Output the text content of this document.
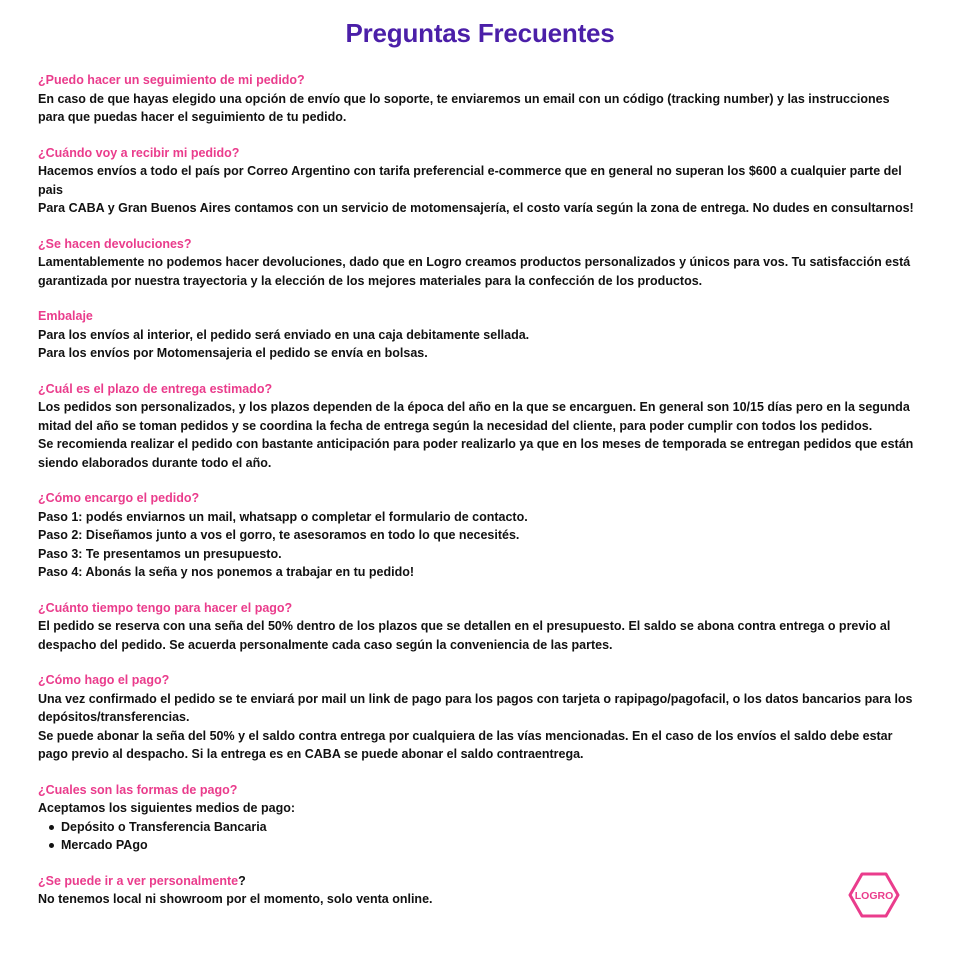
Preguntas Frecuentes
¿Puedo hacer un seguimiento de mi pedido?
En caso de que hayas elegido una opción de envío que lo soporte, te enviaremos un email con un código (tracking number) y las instrucciones para que puedas hacer el seguimiento de tu pedido.
¿Cuándo voy a recibir mi pedido?
Hacemos envíos a todo el país por Correo Argentino con tarifa preferencial e-commerce que en general no superan los $600 a cualquier parte del pais
Para CABA y Gran Buenos Aires contamos con un servicio de motomensajería, el costo varía según la zona de entrega. No dudes en consultarnos!
¿Se hacen devoluciones?
Lamentablemente no podemos hacer devoluciones, dado que en Logro creamos productos personalizados y únicos para vos. Tu satisfacción está garantizada por nuestra trayectoria y la elección de los mejores materiales para la confección de los productos.
Embalaje
Para los envíos al interior, el pedido será enviado en una caja debitamente sellada.
Para los envíos por Motomensajeria el pedido se envía en bolsas.
¿Cuál es el plazo de entrega estimado?
Los pedidos son personalizados, y los plazos dependen de la época del año en la que se encarguen. En general son 10/15 días pero en la segunda mitad del año se toman pedidos y se coordina la fecha de entrega según la necesidad del cliente, para poder cumplir con todos los pedidos.
Se recomienda realizar el pedido con bastante anticipación para poder realizarlo ya que en los meses de temporada se entregan pedidos que están siendo elaborados durante todo el año.
¿Cómo encargo el pedido?
Paso 1: podés enviarnos un mail, whatsapp o completar el formulario de contacto.
Paso 2: Diseñamos junto a vos el gorro, te asesoramos en todo lo que necesités.
Paso 3: Te presentamos un presupuesto.
Paso 4: Abonás la seña y nos ponemos a trabajar en tu pedido!
¿Cuánto tiempo tengo para hacer el pago?
El pedido se reserva con una seña del 50% dentro de los plazos que se detallen en el presupuesto. El saldo se abona contra entrega o previo al despacho del pedido. Se acuerda personalmente cada caso según la conveniencia de las partes.
¿Cómo hago el pago?
Una vez confirmado el pedido se te enviará por mail un link de pago para los pagos con tarjeta o rapipago/pagofacil, o los datos bancarios para los depósitos/transferencias.
Se puede abonar la seña del 50% y el saldo contra entrega por cualquiera de las vías mencionadas. En el caso de los envíos el saldo debe estar pago previo al despacho. Si la entrega es en CABA se puede abonar el saldo contraentrega.
¿Cuales son las formas de pago?
Aceptamos los siguientes medios de pago:
Depósito o Transferencia Bancaria
Mercado PAgo
¿Se puede ir a ver personalmente?
No tenemos local ni showroom por el momento, solo venta online.	LOGRO
